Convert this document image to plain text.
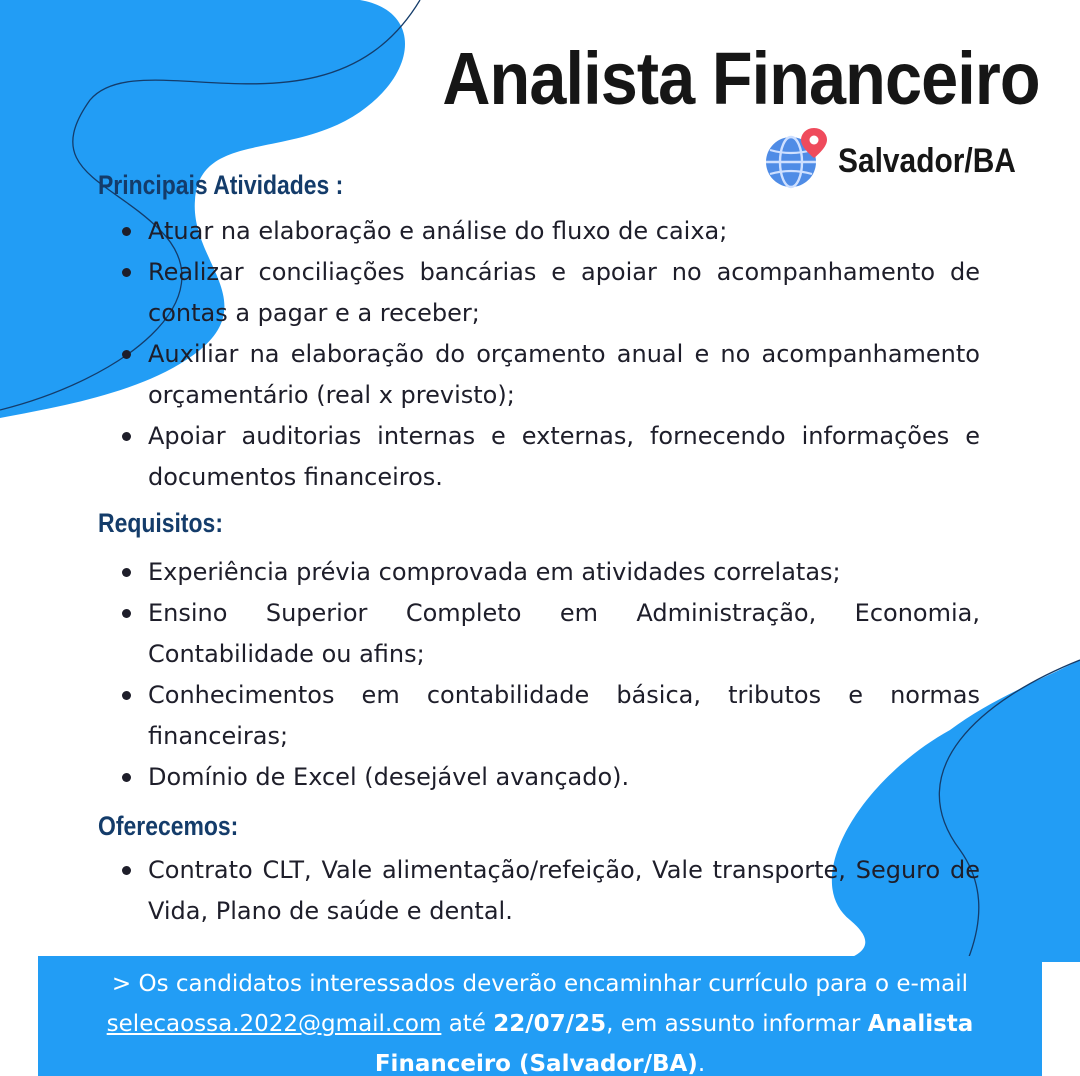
Analista Financeiro
Salvador/BA
Principais Atividades :
Atuar na elaboração e análise do fluxo de caixa;
Realizar conciliações bancárias e apoiar no acompanhamento de contas a pagar e a receber;
Auxiliar na elaboração do orçamento anual e no acompanhamento orçamentário (real x previsto);
Apoiar auditorias internas e externas, fornecendo informações e documentos financeiros.
Requisitos:
Experiência prévia comprovada em atividades correlatas;
Ensino Superior Completo em Administração, Economia, Contabilidade ou afins;
Conhecimentos em contabilidade básica, tributos e normas financeiras;
Domínio de Excel (desejável avançado).
Oferecemos:
Contrato CLT, Vale alimentação/refeição, Vale transporte, Seguro de Vida, Plano de saúde e dental.

> Os candidatos interessados deverão encaminhar currículo para o e-mail
selecaossa.2022@gmail.com até 22/07/25, em assunto informar Analista Financeiro (Salvador/BA).
